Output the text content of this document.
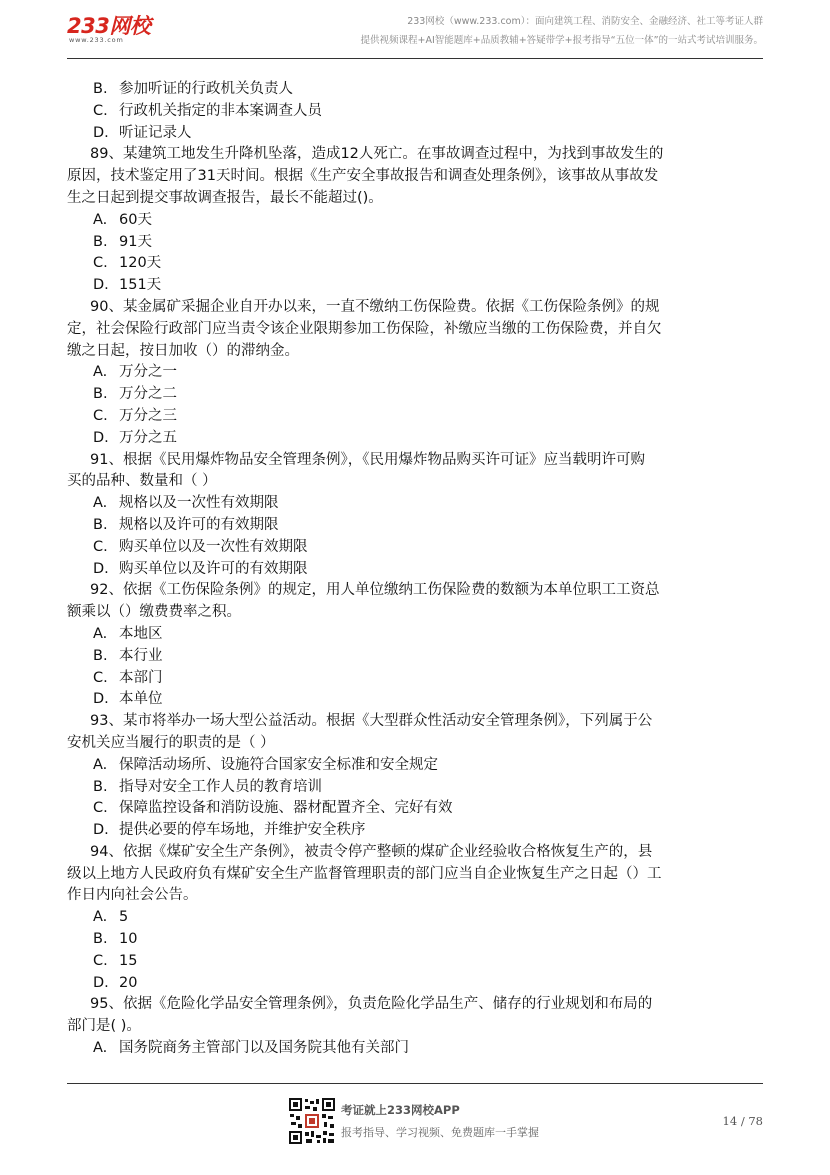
233网校
www.233.com
233网校（www.233.com）：面向建筑工程、消防安全、金融经济、社工等考证人群
提供视频课程+AI智能题库+品质教辅+答疑带学+报考指导“五位一体”的一站式考试培训服务。
B. 参加听证的行政机关负责人
C. 行政机关指定的非本案调查人员
D. 听证记录人
89、某建筑工地发生升降机坠落，造成12人死亡。在事故调查过程中，为找到事故发生的
原因，技术鉴定用了31天时间。根据《生产安全事故报告和调查处理条例》，该事故从事故发
生之日起到提交事故调查报告，最长不能超过()。
A. 60天
B. 91天
C. 120天
D. 151天
90、某金属矿采掘企业自开办以来，一直不缴纳工伤保险费。依据《工伤保险条例》的规
定，社会保险行政部门应当责令该企业限期参加工伤保险，补缴应当缴的工伤保险费，并自欠
缴之日起，按日加收（）的滞纳金。
A. 万分之一
B. 万分之二
C. 万分之三
D. 万分之五
91、根据《民用爆炸物品安全管理条例》，《民用爆炸物品购买许可证》应当载明许可购
买的品种、数量和（ ）
A. 规格以及一次性有效期限
B. 规格以及许可的有效期限
C. 购买单位以及一次性有效期限
D. 购买单位以及许可的有效期限
92、依据《工伤保险条例》的规定，用人单位缴纳工伤保险费的数额为本单位职工工资总
额乘以（）缴费费率之积。
A. 本地区
B. 本行业
C. 本部门
D. 本单位
93、某市将举办一场大型公益活动。根据《大型群众性活动安全管理条例》，下列属于公
安机关应当履行的职责的是（ ）
A. 保障活动场所、设施符合国家安全标准和安全规定
B. 指导对安全工作人员的教育培训
C. 保障监控设备和消防设施、器材配置齐全、完好有效
D. 提供必要的停车场地，并维护安全秩序
94、依据《煤矿安全生产条例》，被责令停产整顿的煤矿企业经验收合格恢复生产的，县
级以上地方人民政府负有煤矿安全生产监督管理职责的部门应当自企业恢复生产之日起（）工
作日内向社会公告。
A. 5
B. 10
C. 15
D. 20
95、依据《危险化学品安全管理条例》，负责危险化学品生产、储存的行业规划和布局的
部门是( )。
A. 国务院商务主管部门以及国务院其他有关部门
考证就上233网校APP
报考指导、学习视频、免费题库一手掌握
14 / 78
